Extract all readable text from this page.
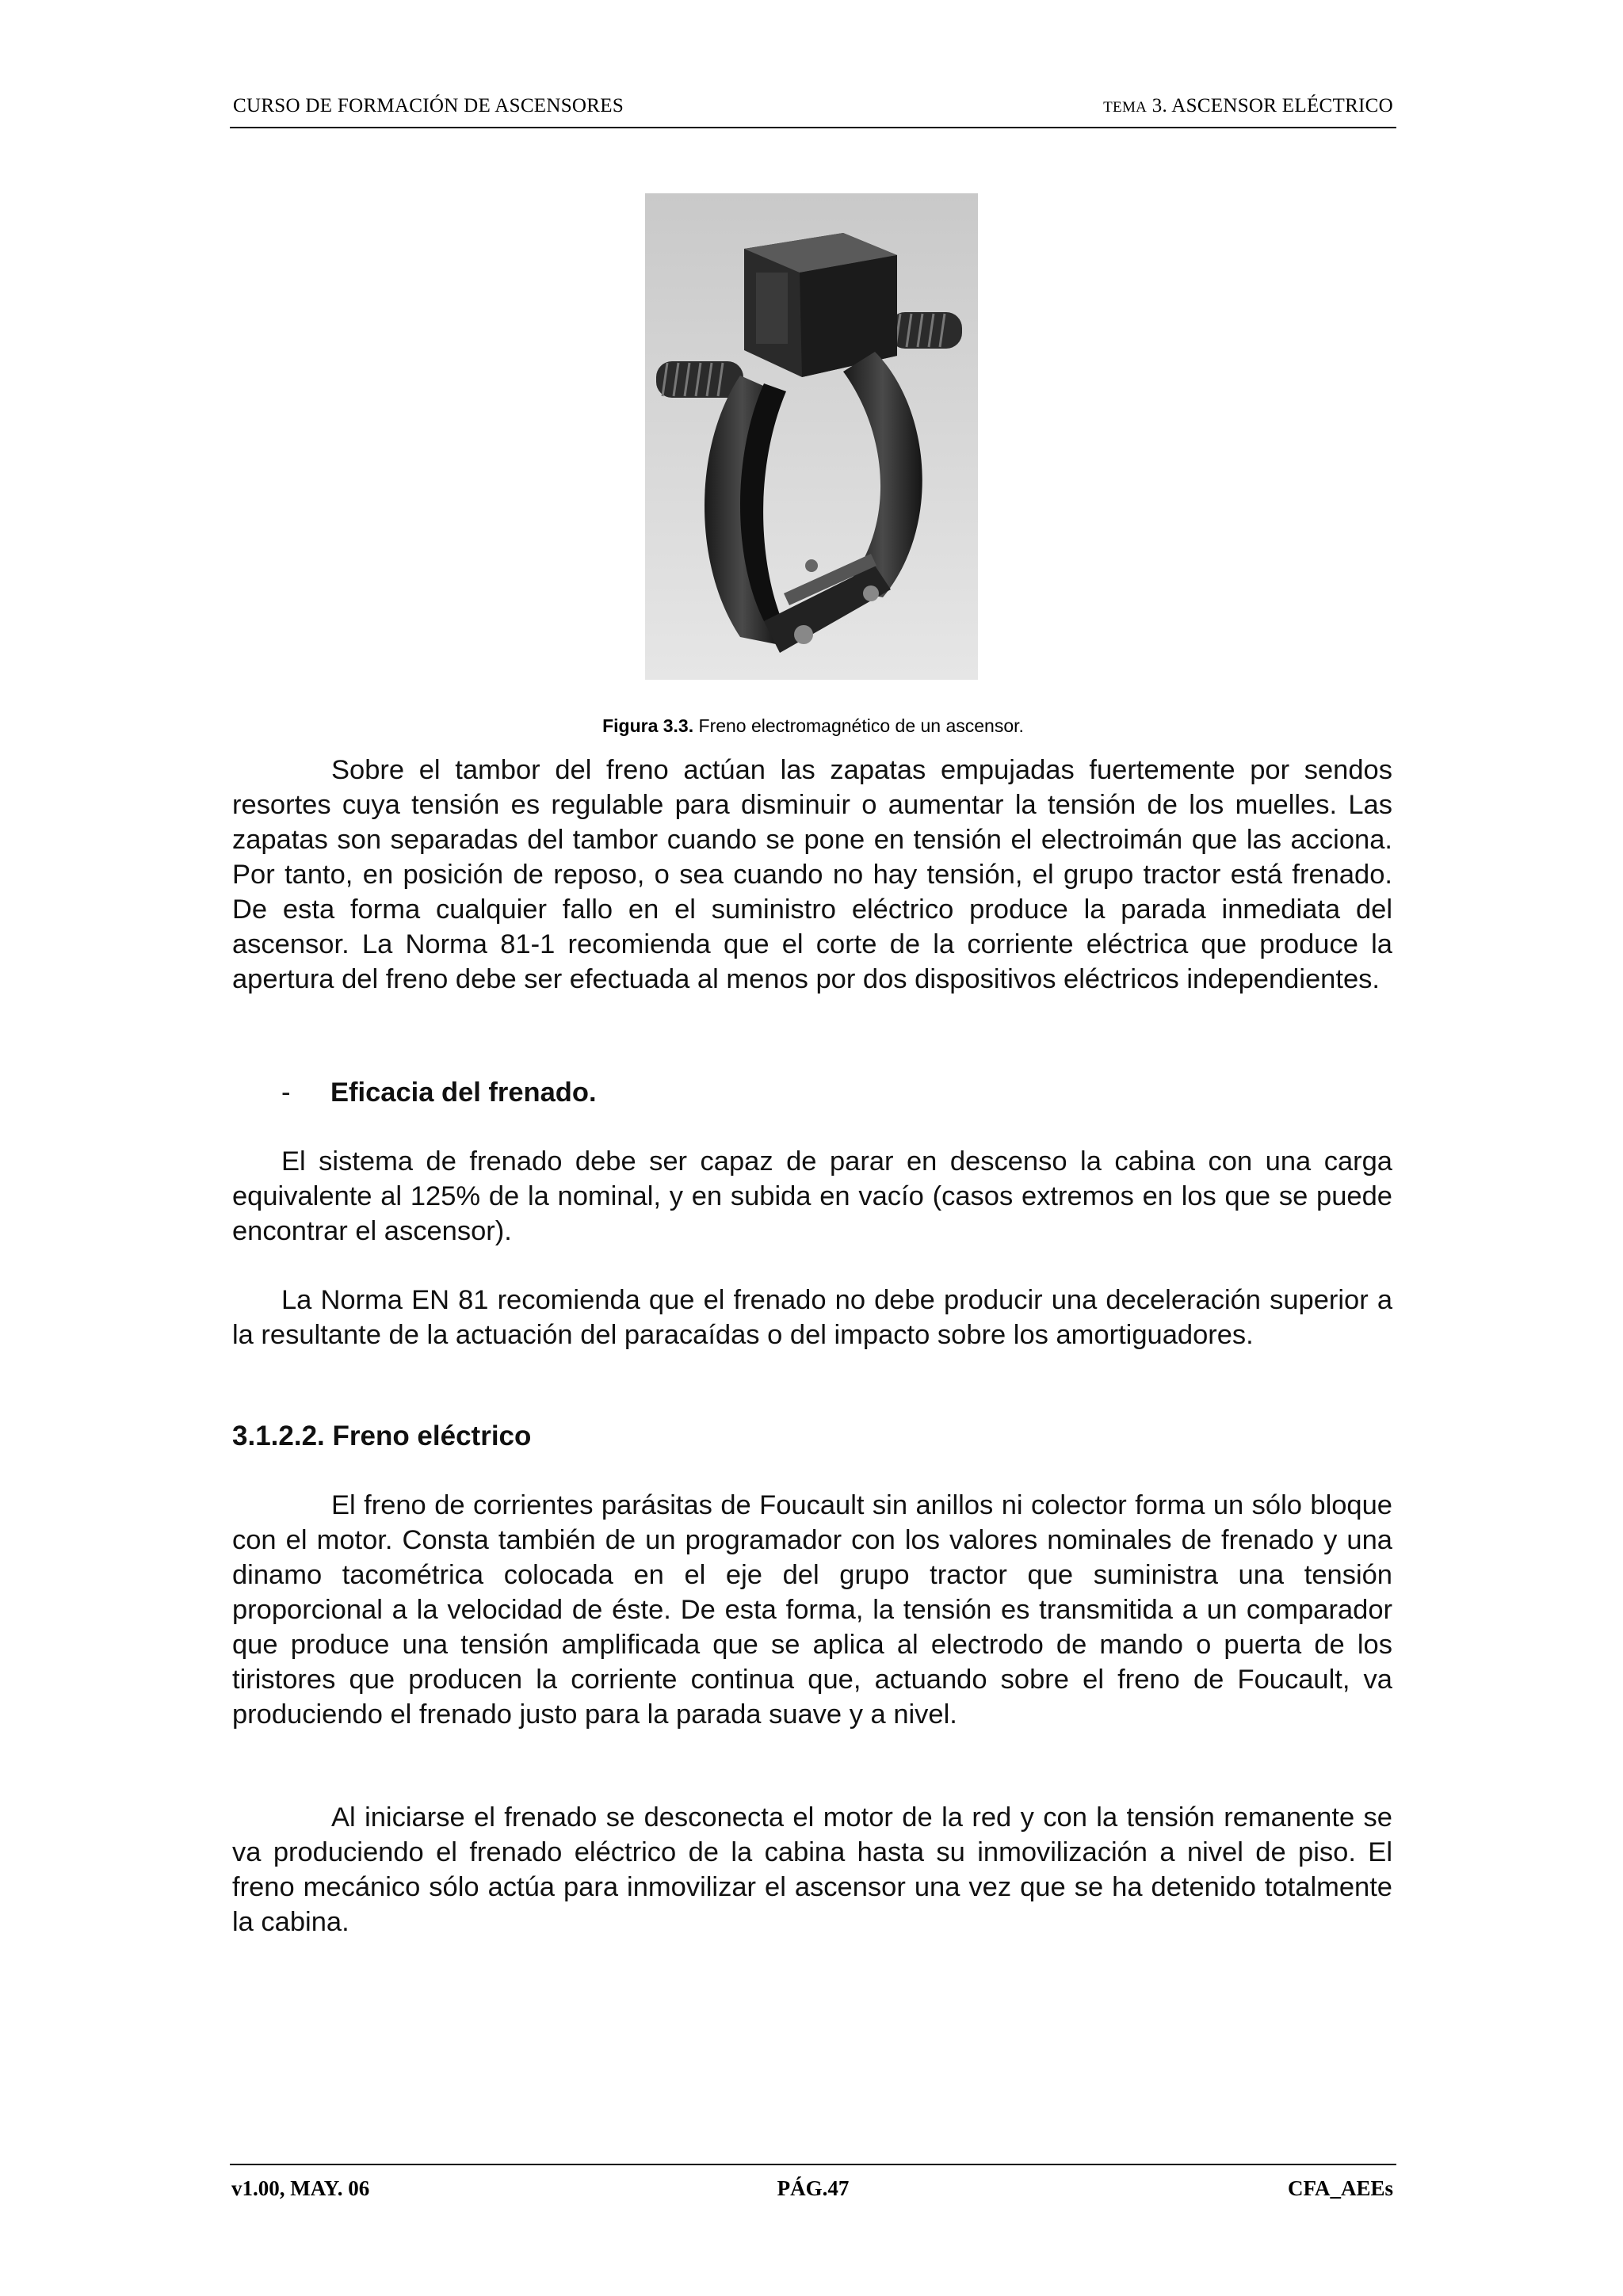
CURSO DE FORMACIÓN DE ASCENSORES	TEMA 3. ASCENSOR ELÉCTRICO
Figura 3.3. Freno electromagnético de un ascensor.

Sobre el tambor del freno actúan las zapatas empujadas fuertemente por sendos resortes cuya tensión es regulable para disminuir o aumentar la tensión de los muelles. Las zapatas son separadas del tambor cuando se pone en tensión el electroimán que las acciona. Por tanto, en posición de reposo, o sea cuando no hay tensión, el grupo tractor está frenado. De esta forma cualquier fallo en el suministro eléctrico produce la parada inmediata del ascensor. La Norma 81-1 recomienda que el corte de la corriente eléctrica que produce la apertura del freno debe ser efectuada al menos por dos dispositivos eléctricos independientes.

- Eficacia del frenado.

El sistema de frenado debe ser capaz de parar en descenso la cabina con una carga equivalente al 125% de la nominal, y en subida en vacío (casos extremos en los que se puede encontrar el ascensor).

La Norma EN 81 recomienda que el frenado no debe producir una deceleración superior a la resultante de la actuación del paracaídas o del impacto sobre los amortiguadores.

3.1.2.2. Freno eléctrico

El freno de corrientes parásitas de Foucault sin anillos ni colector forma un sólo bloque con el motor. Consta también de un programador con los valores nominales de frenado y una dinamo tacométrica colocada en el eje del grupo tractor que suministra una tensión proporcional a la velocidad de éste. De esta forma, la tensión es transmitida a un comparador que produce una tensión amplificada que se aplica al electrodo de mando o puerta de los tiristores que producen la corriente continua que, actuando sobre el freno de Foucault, va produciendo el frenado justo para la parada suave y a nivel.

Al iniciarse el frenado se desconecta el motor de la red y con la tensión remanente se va produciendo el frenado eléctrico de la cabina hasta su inmovilización a nivel de piso. El freno mecánico sólo actúa para inmovilizar el ascensor una vez que se ha detenido totalmente la cabina.

v1.00, MAY. 06	PÁG.47	CFA_AEEs
